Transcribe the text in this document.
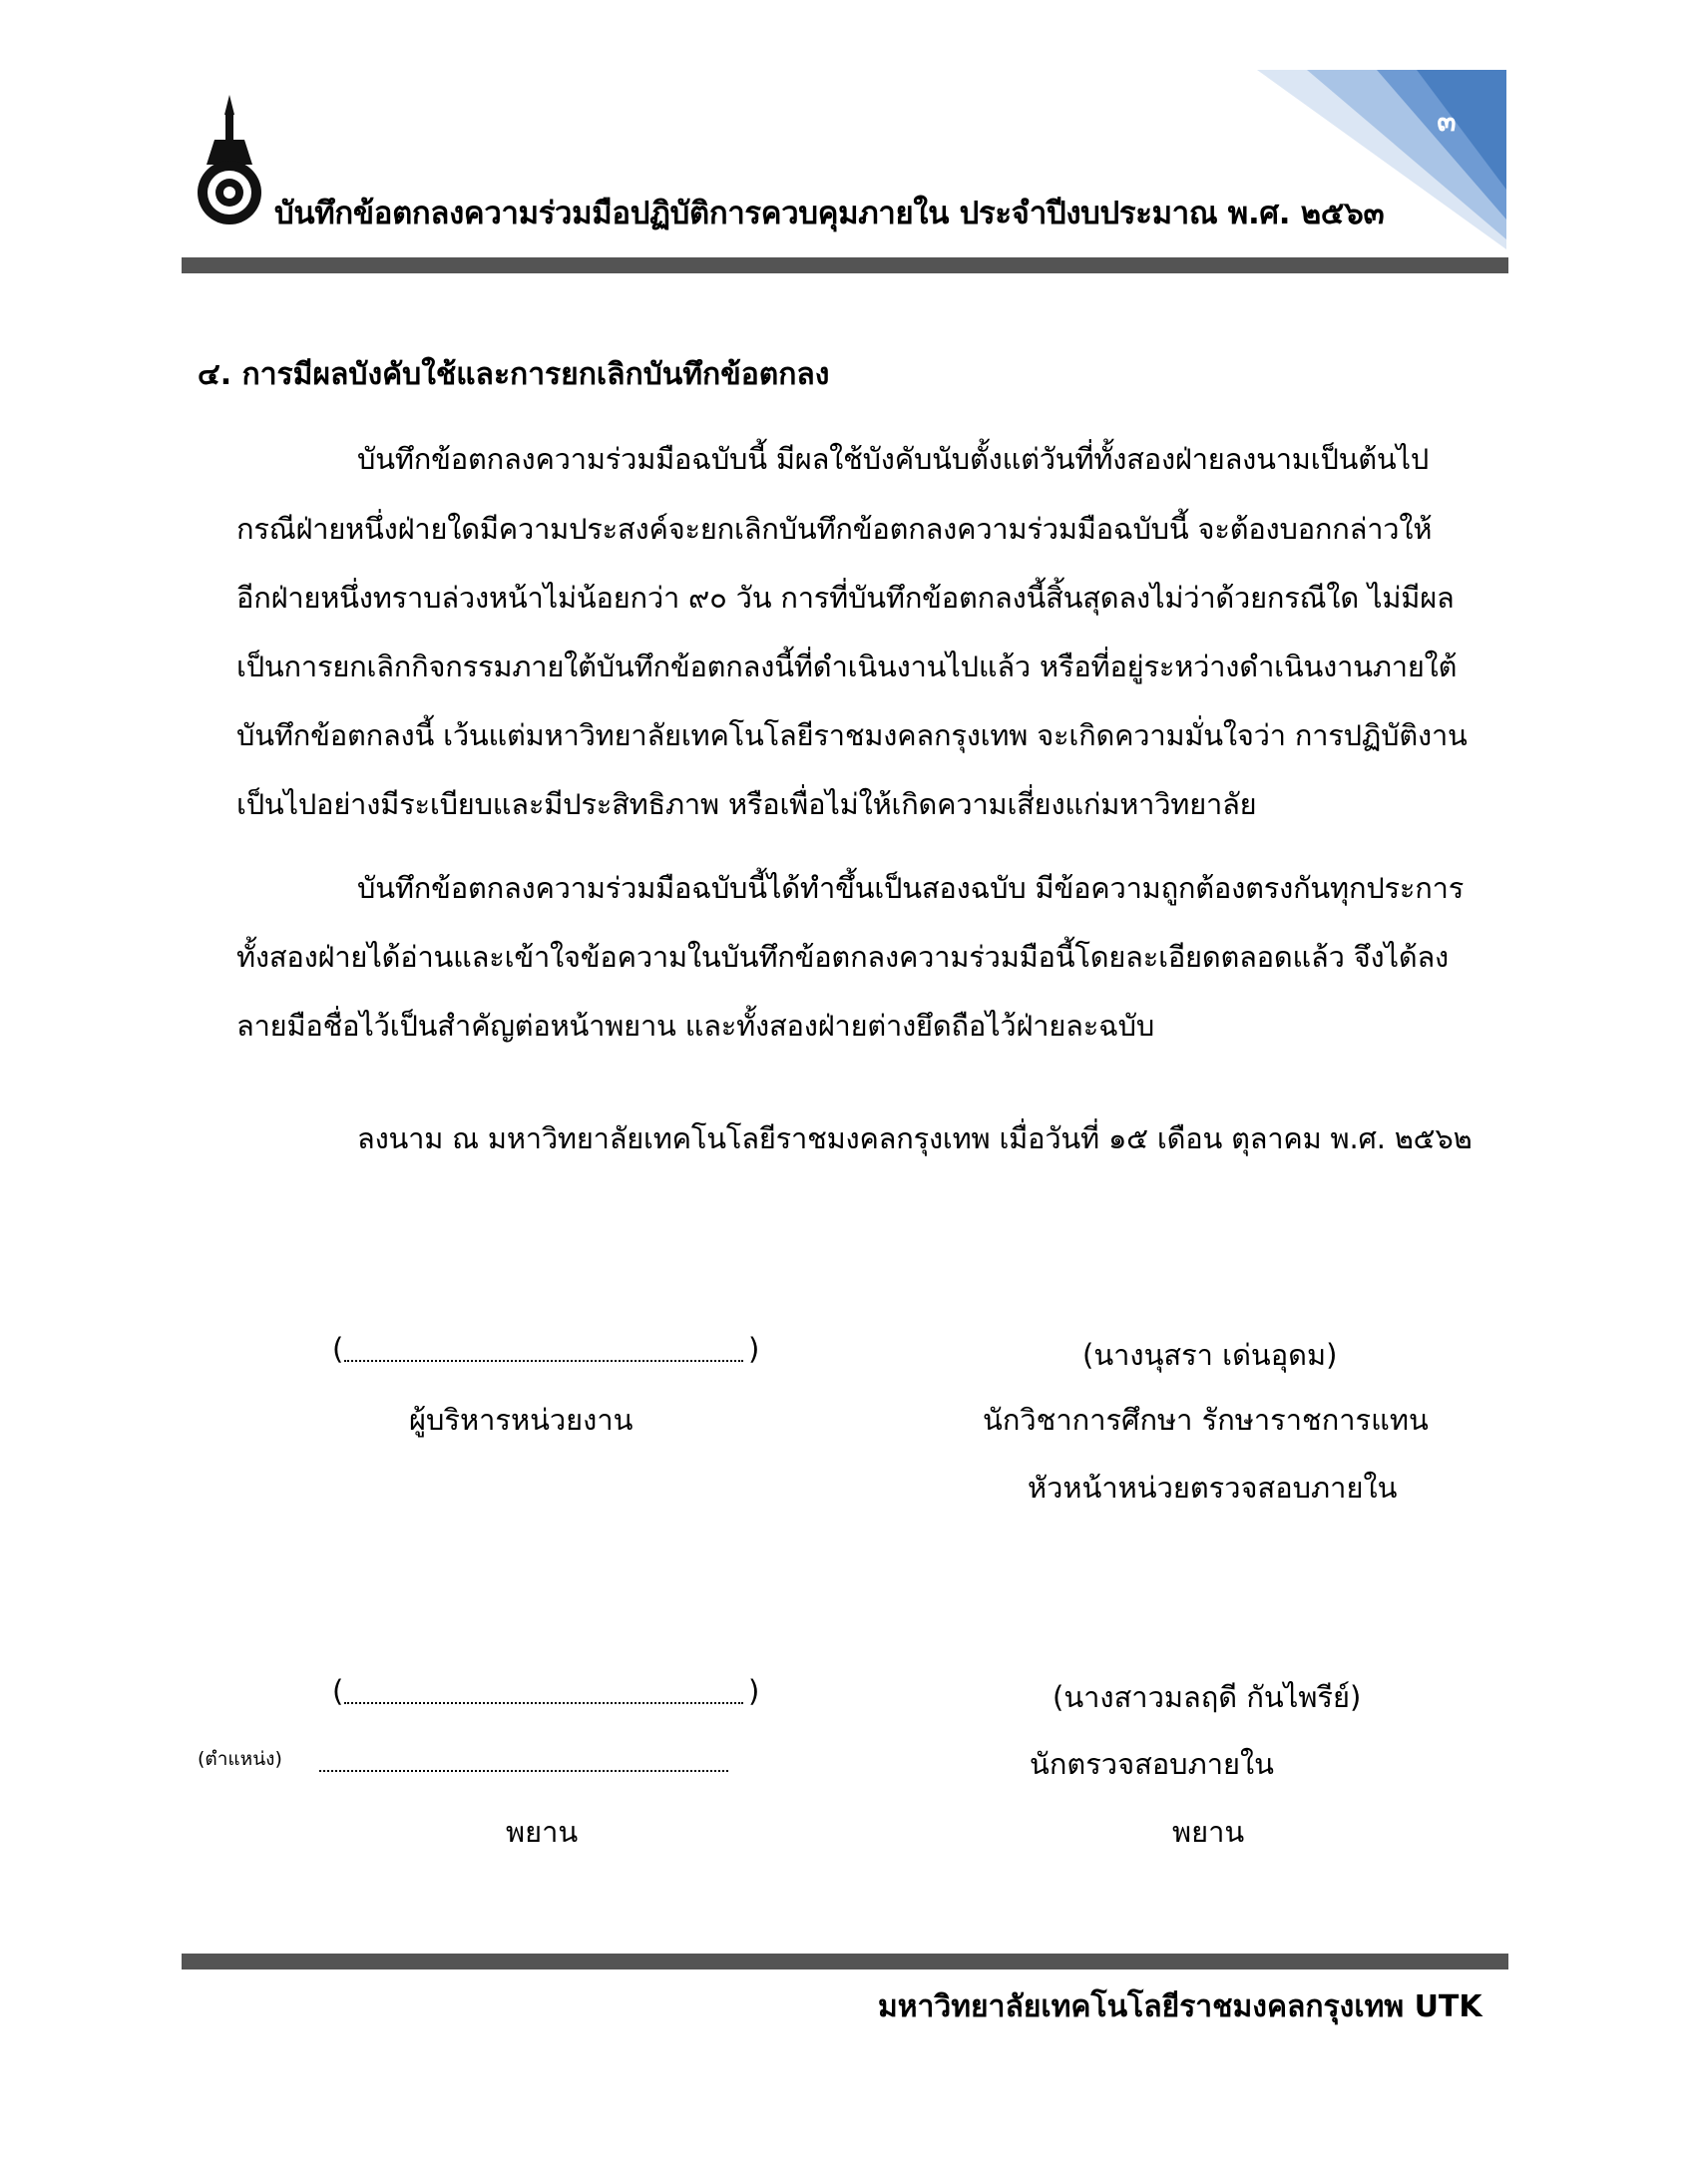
๓
บันทึกข้อตกลงความร่วมมือปฏิบัติการควบคุมภายใน ประจำปีงบประมาณ พ.ศ. ๒๕๖๓
๔. การมีผลบังคับใช้และการยกเลิกบันทึกข้อตกลง
บันทึกข้อตกลงความร่วมมือฉบับนี้ มีผลใช้บังคับนับตั้งแต่วันที่ทั้งสองฝ่ายลงนามเป็นต้นไป
กรณีฝ่ายหนึ่งฝ่ายใดมีความประสงค์จะยกเลิกบันทึกข้อตกลงความร่วมมือฉบับนี้ จะต้องบอกกล่าวให้
อีกฝ่ายหนึ่งทราบล่วงหน้าไม่น้อยกว่า ๙๐ วัน การที่บันทึกข้อตกลงนี้สิ้นสุดลงไม่ว่าด้วยกรณีใด ไม่มีผล
เป็นการยกเลิกกิจกรรมภายใต้บันทึกข้อตกลงนี้ที่ดำเนินงานไปแล้ว หรือที่อยู่ระหว่างดำเนินงานภายใต้
บันทึกข้อตกลงนี้ เว้นแต่มหาวิทยาลัยเทคโนโลยีราชมงคลกรุงเทพ จะเกิดความมั่นใจว่า การปฏิบัติงาน
เป็นไปอย่างมีระเบียบและมีประสิทธิภาพ หรือเพื่อไม่ให้เกิดความเสี่ยงแก่มหาวิทยาลัย
บันทึกข้อตกลงความร่วมมือฉบับนี้ได้ทำขึ้นเป็นสองฉบับ มีข้อความถูกต้องตรงกันทุกประการ
ทั้งสองฝ่ายได้อ่านและเข้าใจข้อความในบันทึกข้อตกลงความร่วมมือนี้โดยละเอียดตลอดแล้ว จึงได้ลง
ลายมือชื่อไว้เป็นสำคัญต่อหน้าพยาน และทั้งสองฝ่ายต่างยึดถือไว้ฝ่ายละฉบับ
ลงนาม ณ มหาวิทยาลัยเทคโนโลยีราชมงคลกรุงเทพ เมื่อวันที่ ๑๕ เดือน ตุลาคม พ.ศ. ๒๕๖๒
(	)
ผู้บริหารหน่วยงาน
(นางนุสรา เด่นอุดม)
นักวิชาการศึกษา รักษาราชการแทน
หัวหน้าหน่วยตรวจสอบภายใน
(	)
(ตำแหน่ง)
พยาน
(นางสาวมลฤดี กันไพรีย์)
นักตรวจสอบภายใน
พยาน
มหาวิทยาลัยเทคโนโลยีราชมงคลกรุงเทพ UTK
